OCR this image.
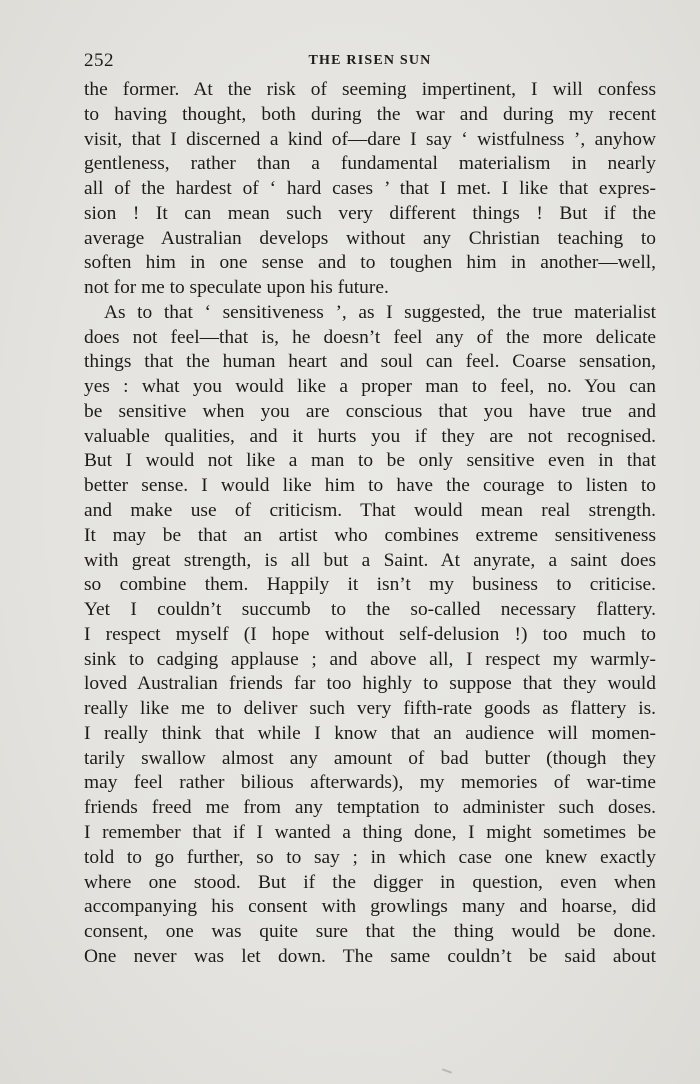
252	THE RISEN SUN
the former. At the risk of seeming impertinent, I will confess
to having thought, both during the war and during my recent
visit, that I discerned a kind of—dare I say ‘ wistfulness ’, anyhow
gentleness, rather than a fundamental materialism in nearly
all of the hardest of ‘ hard cases ’ that I met. I like that expres-
sion ! It can mean such very different things ! But if the
average Australian develops without any Christian teaching to
soften him in one sense and to toughen him in another—well,
not for me to speculate upon his future.
As to that ‘ sensitiveness ’, as I suggested, the true materialist
does not feel—that is, he doesn’t feel any of the more delicate
things that the human heart and soul can feel. Coarse sensation,
yes : what you would like a proper man to feel, no. You can
be sensitive when you are conscious that you have true and
valuable qualities, and it hurts you if they are not recognised.
But I would not like a man to be only sensitive even in that
better sense. I would like him to have the courage to listen to
and make use of criticism. That would mean real strength.
It may be that an artist who combines extreme sensitiveness
with great strength, is all but a Saint. At anyrate, a saint does
so combine them. Happily it isn’t my business to criticise.
Yet I couldn’t succumb to the so-called necessary flattery.
I respect myself (I hope without self-delusion !) too much to
sink to cadging applause ; and above all, I respect my warmly-
loved Australian friends far too highly to suppose that they would
really like me to deliver such very fifth-rate goods as flattery is.
I really think that while I know that an audience will momen-
tarily swallow almost any amount of bad butter (though they
may feel rather bilious afterwards), my memories of war-time
friends freed me from any temptation to administer such doses.
I remember that if I wanted a thing done, I might sometimes be
told to go further, so to say ; in which case one knew exactly
where one stood. But if the digger in question, even when
accompanying his consent with growlings many and hoarse, did
consent, one was quite sure that the thing would be done.
One never was let down. The same couldn’t be said about
